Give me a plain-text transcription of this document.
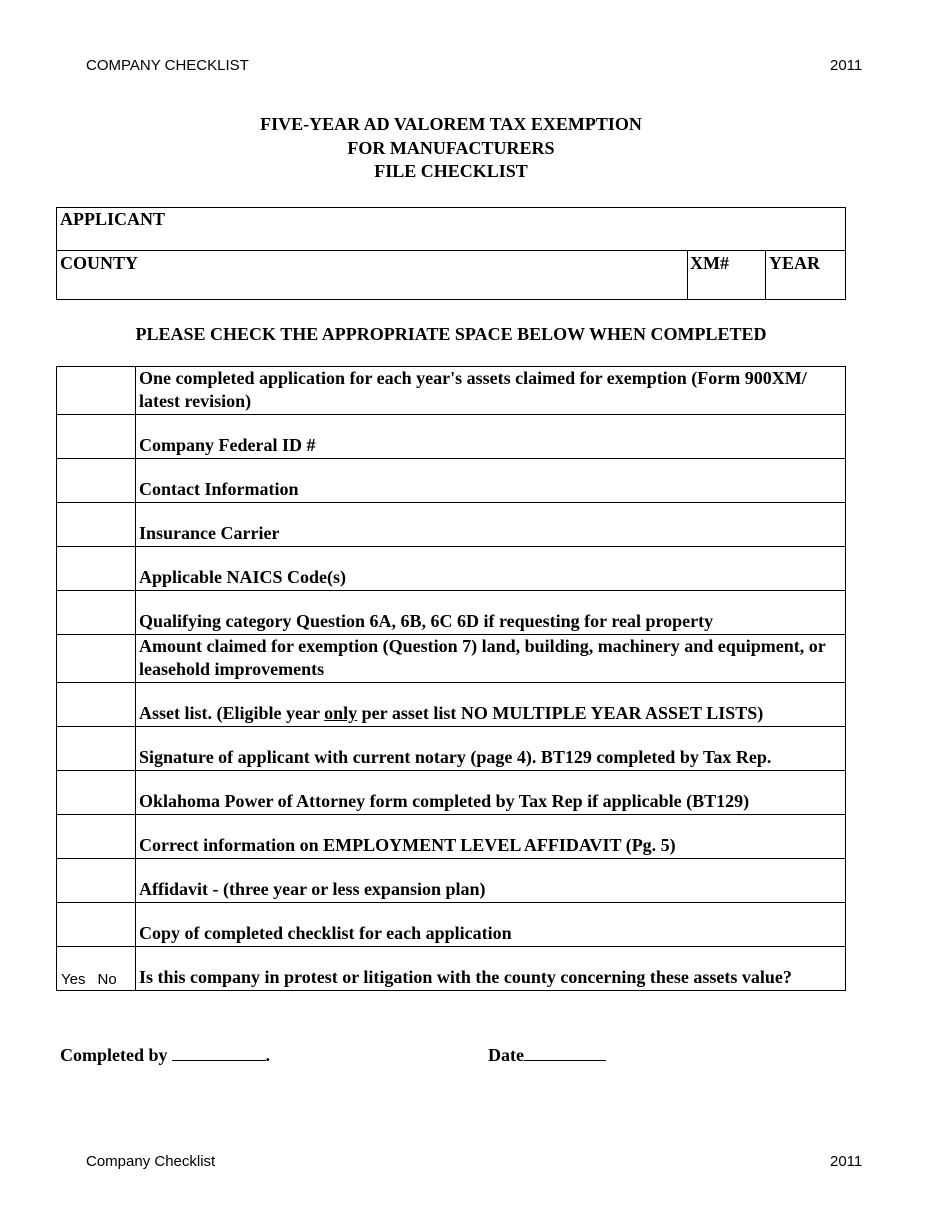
COMPANY CHECKLIST	2011
FIVE-YEAR AD VALOREM TAX EXEMPTION
FOR MANUFACTURERS
FILE CHECKLIST
APPLICANT
COUNTY	XM# YEAR
PLEASE CHECK THE APPROPRIATE SPACE BELOW WHEN COMPLETED
	One completed application for each year's assets claimed for exemption (Form 900XM/ latest revision)
	Company Federal ID #
	Contact Information
	Insurance Carrier
	Applicable NAICS Code(s)
	Qualifying category Question 6A, 6B, 6C 6D if requesting for real property
	Amount claimed for exemption (Question 7) land, building, machinery and equipment, or leasehold improvements
	Asset list. (Eligible year only per asset list NO MULTIPLE YEAR ASSET LISTS)
	Signature of applicant with current notary (page 4). BT129 completed by Tax Rep.
	Oklahoma Power of Attorney form completed by Tax Rep if applicable (BT129)
	Correct information on EMPLOYMENT LEVEL AFFIDAVIT (Pg. 5)
	Affidavit - (three year or less expansion plan)
	Copy of completed checklist for each application
Yes No	Is this company in protest or litigation with the county concerning these assets value?
Completed by	.	Date
Company Checklist	2011
